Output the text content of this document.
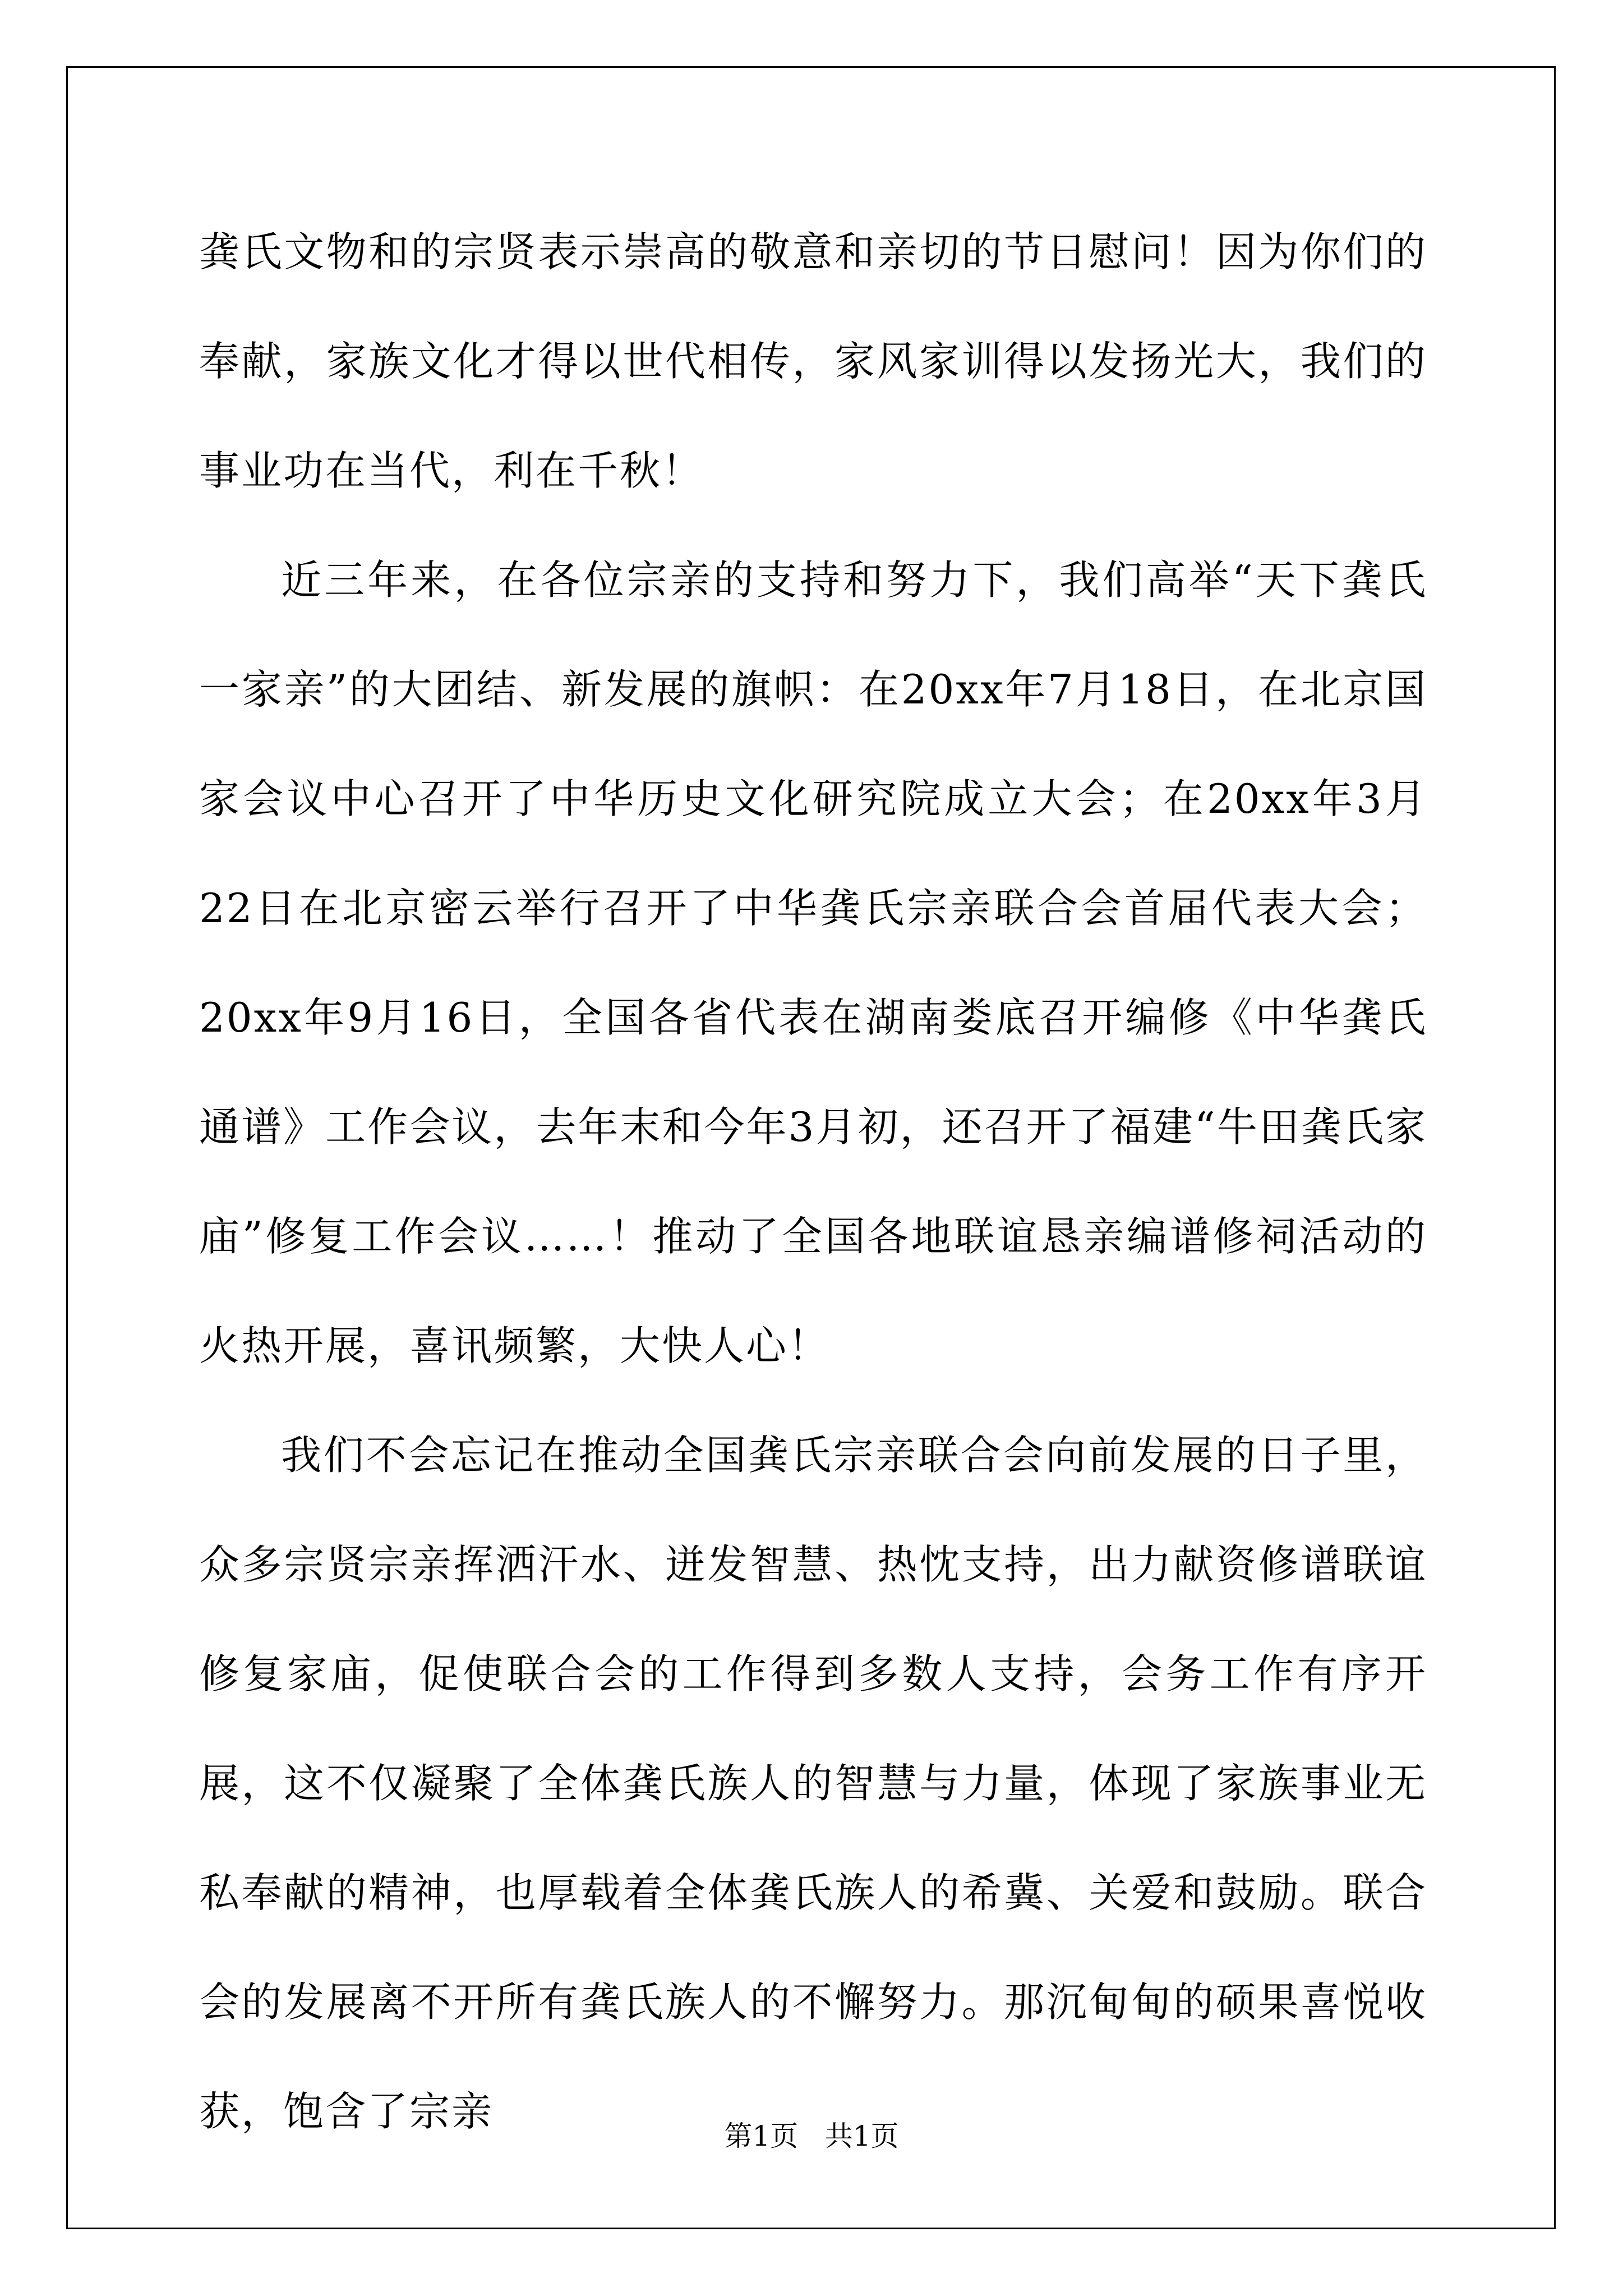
龚氏文物和的宗贤表示崇高的敬意和亲切的节日慰问！因为你们的奉献，家族文化才得以世代相传，家风家训得以发扬光大，我们的事业功在当代，利在千秋！

近三年来，在各位宗亲的支持和努力下，我们高举“天下龚氏一家亲”的大团结、新发展的旗帜：在20xx年7月18日，在北京国家会议中心召开了中华历史文化研究院成立大会；在20xx年3月22日在北京密云举行召开了中华龚氏宗亲联合会首届代表大会；20xx年9月16日，全国各省代表在湖南娄底召开编修《中华龚氏通谱》工作会议，去年末和今年3月初，还召开了福建“牛田龚氏家庙”修复工作会议……！推动了全国各地联谊恳亲编谱修祠活动的火热开展，喜讯频繁，大快人心！

我们不会忘记在推动全国龚氏宗亲联合会向前发展的日子里，众多宗贤宗亲挥洒汗水、迸发智慧、热忱支持，出力献资修谱联谊修复家庙，促使联合会的工作得到多数人支持，会务工作有序开展，这不仅凝聚了全体龚氏族人的智慧与力量，体现了家族事业无私奉献的精神，也厚载着全体龚氏族人的希冀、关爱和鼓励。联合会的发展离不开所有龚氏族人的不懈努力。那沉甸甸的硕果喜悦收获，饱含了宗亲

第1页 共1页
